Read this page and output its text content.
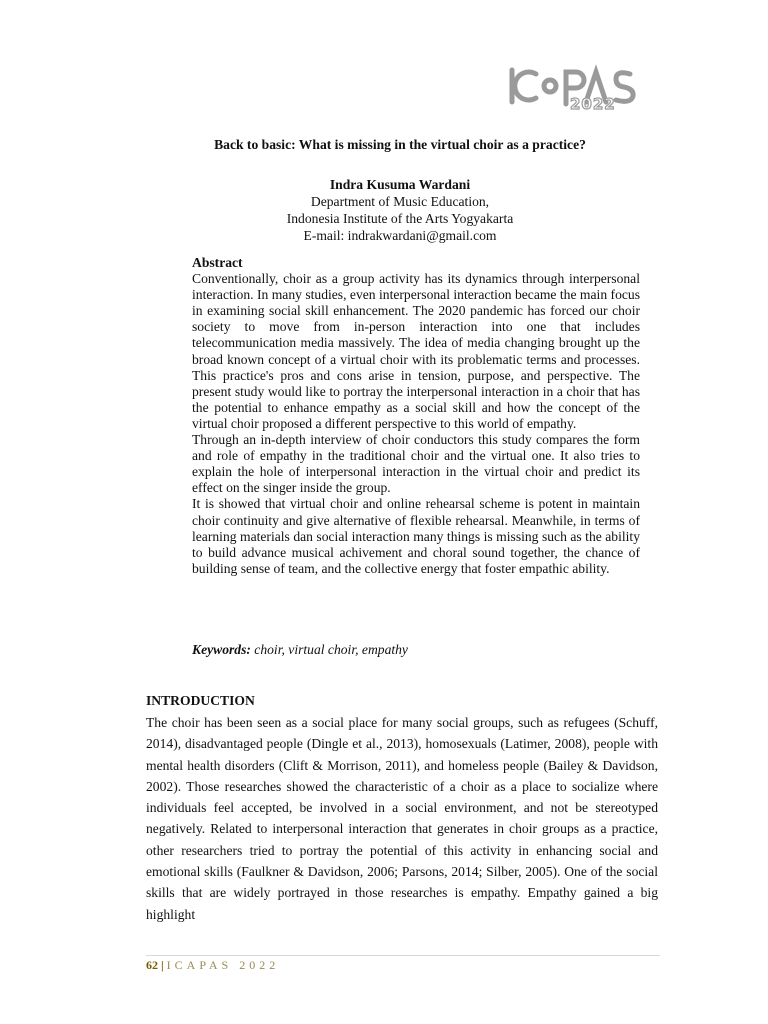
2022
Back to basic: What is missing in the virtual choir as a practice?
Indra Kusuma Wardani
Department of Music Education,
Indonesia Institute of the Arts Yogyakarta
E-mail: indrakwardani@gmail.com
Abstract

Conventionally, choir as a group activity has its dynamics through interpersonal interaction. In many studies, even interpersonal interaction became the main focus in examining social skill enhancement. The 2020 pandemic has forced our choir society to move from in-person interaction into one that includes telecommunication media massively. The idea of media changing brought up the broad known concept of a virtual choir with its problematic terms and processes. This practice's pros and cons arise in tension, purpose, and perspective. The present study would like to portray the interpersonal interaction in a choir that has the potential to enhance empathy as a social skill and how the concept of the virtual choir proposed a different perspective to this world of empathy.

Through an in-depth interview of choir conductors this study compares the form and role of empathy in the traditional choir and the virtual one. It also tries to explain the hole of interpersonal interaction in the virtual choir and predict its effect on the singer inside the group.

It is showed that virtual choir and online rehearsal scheme is potent in maintain choir continuity and give alternative of flexible rehearsal. Meanwhile, in terms of learning materials dan social interaction many things is missing such as the ability to build advance musical achivement and choral sound together, the chance of building sense of team, and the collective energy that foster empathic ability.

Keywords: choir, virtual choir, empathy
INTRODUCTION

The choir has been seen as a social place for many social groups, such as refugees (Schuff, 2014), disadvantaged people (Dingle et al., 2013), homosexuals (Latimer, 2008), people with mental health disorders (Clift & Morrison, 2011), and homeless people (Bailey & Davidson, 2002). Those researches showed the characteristic of a choir as a place to socialize where individuals feel accepted, be involved in a social environment, and not be stereotyped negatively. Related to interpersonal interaction that generates in choir groups as a practice, other researchers tried to portray the potential of this activity in enhancing social and emotional skills (Faulkner & Davidson, 2006; Parsons, 2014; Silber, 2005). One of the social skills that are widely portrayed in those researches is empathy. Empathy gained a big highlight

62 | ICAPAS 2022
